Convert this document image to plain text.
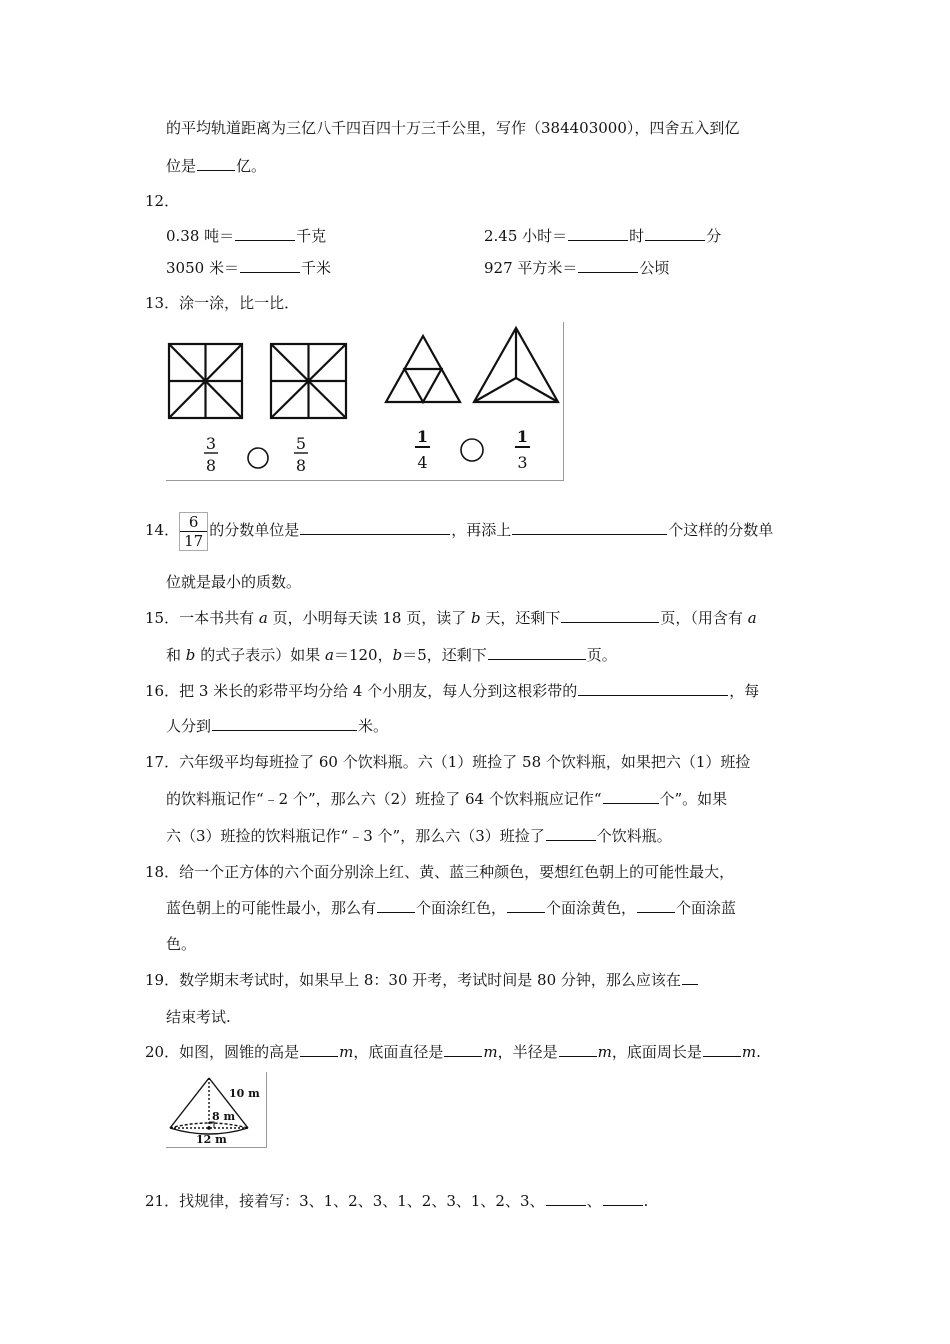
的平均轨道距离为三亿八千四百四十万三千公里，写作（384403000），四舍五入到亿
位是	亿。
12．
0.38 吨＝	千克	2.45 小时＝	时	分
3050 米＝	千米	927 平方米＝	公顷
13．涂一涂，比一比．
3
8
5
8
1
4
1
3
14． $\frac{6}{17}$ 的分数单位是	，再添上	个这样的分数单
位就是最小的质数。
15．一本书共有 a 页，小明每天读 18 页，读了 b 天，还剩下	页，（用含有 a
和 b 的式子表示）如果 a＝120，b＝5，还剩下	页。
16．把 3 米长的彩带平均分给 4 个小朋友，每人分到这根彩带的	，每
人分到	米。
17．六年级平均每班捡了 60 个饮料瓶。六（1）班捡了 58 个饮料瓶，如果把六（1）班捡
的饮料瓶记作“﹣2 个”，那么六（2）班捡了 64 个饮料瓶应记作“	个”。如果
六（3）班捡的饮料瓶记作“﹣3 个”，那么六（3）班捡了	个饮料瓶。
18．给一个正方体的六个面分别涂上红、黄、蓝三种颜色，要想红色朝上的可能性最大，
蓝色朝上的可能性最小，那么有	个面涂红色，	个面涂黄色，	个面涂蓝
色。
19．数学期末考试时，如果早上 8：30 开考，考试时间是 80 分钟，那么应该在
结束考试.
20．如图，圆锥的高是	m，底面直径是	m，半径是	m，底面周长是	m.
10 m
8 m
12 m
21．找规律，接着写：3、1、2、3、1、2、3、1、2、3、	、	.
